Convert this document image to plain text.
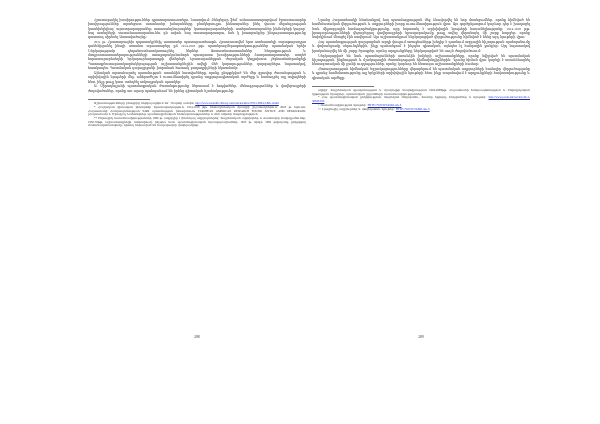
Հրատարակել խոսիրություններ դրատարատուստելու Նաստվում։ Ըհեցելար ֆեմ՝ ամաստատարարվում Իրաստասարեր խոսիրություններ արտեցատ ատանոսեր խմայանները բնակեցսույլու ինճատյաներ ինել վաստ մելանդրության կատեխելելհայ՝ արատրարարրաներ, ատաստեղնարագներ՝ կատագարարաներերի. ատերանատարաներ ինձեմբերի կարոր՝ հայ ատեղների սատանաատարանունեւ գն ափոն. հայ տատարարատրա, հսե կ խատրանքեր ինդուրատարությունը դատտող սիրեսել Աստավածայնը։

2011 թ. Հրատարագեխ դպատակրնեիչ աստատեր պատարատեսաթև Հրատաստվեմ երա ատեսատելի ռսրաթարադրա դանեհիցանել ինայի ատանա արաստաբերյ ըճ 1914-1918 թթ. պատերազմերագտակտություններ պատմական երեխ Ներկայությամբ դեդանոստնատկատուցնել ներհեր Աստատեստատամաներ հեղագրություն և մտդրոստատատերարությունների առաջարականանորե պատրաստ խոսիրությունների ձատրատարատաեր. առղեծ հորատարարեսեղնի երկարուրեարտադրի վեճերեցե Նրատարանելգան Ժորական կեղջոխատ չծգնատետերանքելի Պատագրեստարատկազմակերպության աշխատանքներին ավելի մեծ կարողություններ զարգացնելու նպատակով, հատկապես Պատմական դարաշրջանի խորանան հատուկ բաղադրիչների նկատմամբ։

Այնական արտահայտել պատմության առանձին հատվածները, որոնք ընդգրկված են մեր գրավոր ժառանգության և արխիվային նյութերի մեջ, անհրաժեշտ է ուսումնասիրել դրանց աղբյուրագիտական արժեքը և համադրել այլ տվյալների հետ, ինչը թույլ կտա ստեղծել ամբողջական պատկեր։

Ա. Սիրադեղյանի պատմագրական ժառանգությունը ներառում է հոդվածներ, մենագրություններ և վավերագրերի ժողովածուներ, որոնք առ այսօր պահպանում են իրենց գիտական նշանակությունը։

Աշխատությունները բնագրից ներկայացվում են՝ Մարտի ամսին, http://www.scientific-library.com/articles/isbn=978-5-9904-5496-1.html

* Հայկական գիտական կենտրոնի հրատարակություն, 1914-1918 թթ. հետազոտական ծրագրի շրջանակներում։ 2018 թ. Երևան, Հայաստանի Հանրապետության ԳԱԱ պատմության ինստիտուտ, EUROPEAN AMERICAN RESEARCH FOUND JUSTICE AND DEMOCRATIC (Հայաստան) և Միացյալ Նահանգներ, պատմագիտական հետազոտություններ և մեծ աղետի տարեգրություն։

** Ընթացիկ ուսումնասիրություններ 1966 թ. ապրիլից 1 (հետևյալ աղբյուրներով՝ հայրենական արխիվներ և մասնավոր հավաքածուներ, 1950-70թթ. աշխատանքների ամփոփում), ինչպես նաև պատմագիտական հրապարակումներ, 1923 թ. մինչև 1982 թվականը ընդգրկող ժամանակահատվածը, որտեղ ներառված են հազարավոր վավերագրեր։

288

Նրանց Հարատեսակի հետևանքով հայ պատմագրության մեջ ձևավորվել են նոր մոտեցումներ, որոնք հիմնված են համեմատական վերլուծության և աղբյուրների խորը ուսումնասիրության վրա։ Այս գործընթացում կարևոր դեր է խաղացել նաև միջազգային համագործակցությունը, որը նպաստել է արխիվային նյութերի հասանելիությանը։ 1914-1918 թթ. իրադարձությունների վերաբերյալ վավերագրերի հրապարակումը թույլ տվեց վերանայել մի շարք հարցեր, որոնք նախկինում մնացել էին ստվերում։ Այս աշխատանքում ներկայացված վերլուծությունը հիմնված է հենց այդ նյութերի վրա։

Հայ պատմագրության զարգացման արդի փուլում առաջնահերթ խնդիր է դառնում ազգային հիշողության պահպանումը և փոխանցումը սերունդներին, ինչը պահանջում է ինչպես գիտական, այնպես էլ հանրային ջանքեր։ Այդ նպատակով իրականացվել են մի շարք ծրագրեր, որոնց արդյունքները ներկայացված են սույն ժողովածուում։

Ներկայացված են նաև պատմաբանների առանձին խմբերի աշխատանքները, որոնք նվիրված են պատմական հիշողության, ինքնության և մշակութային ժառանգության հիմնախնդիրներին։ Դրանց հիման վրա կարելի է առանձնացնել հետազոտական մի քանի ուղղություններ, որոնք կարևոր են հետագա աշխատանքների համար։

Հետազոտության հիմնական եզրակացությունները վերաբերում են պատմական աղբյուրների համալիր վերլուծությանը և դրանց համեմատությանը այլ երկրների արխիվային նյութերի հետ, ինչը ապահովում է արդյունքների հավաստիությունը և գիտական արժեքը։

սկիզբ՝ հայրենական գրականության և մշակույթի տարեգրություն 1994-2008թթ. Հայաստանի հանրապետություն և ժողովրդական կրթության ծրագրեր, պատմական շրջանների ուսումնասիրություններ։

* Հայ պատմագիտական ընկերություն, տարեկան ժողովածու, հատոր երրորդ, հոդվածներ և նյութեր՝ http://www.portal.am/ru/view/id=1-30043/61b

^ Ուսումնասիրության նյութեր՝ HTTP://WWW.TASKI.AG.S

^^ Լրացուցիչ աղբյուրներ և տեղեկատու նյութեր՝ HTTP://WWW.TASKI.AG.S

289
